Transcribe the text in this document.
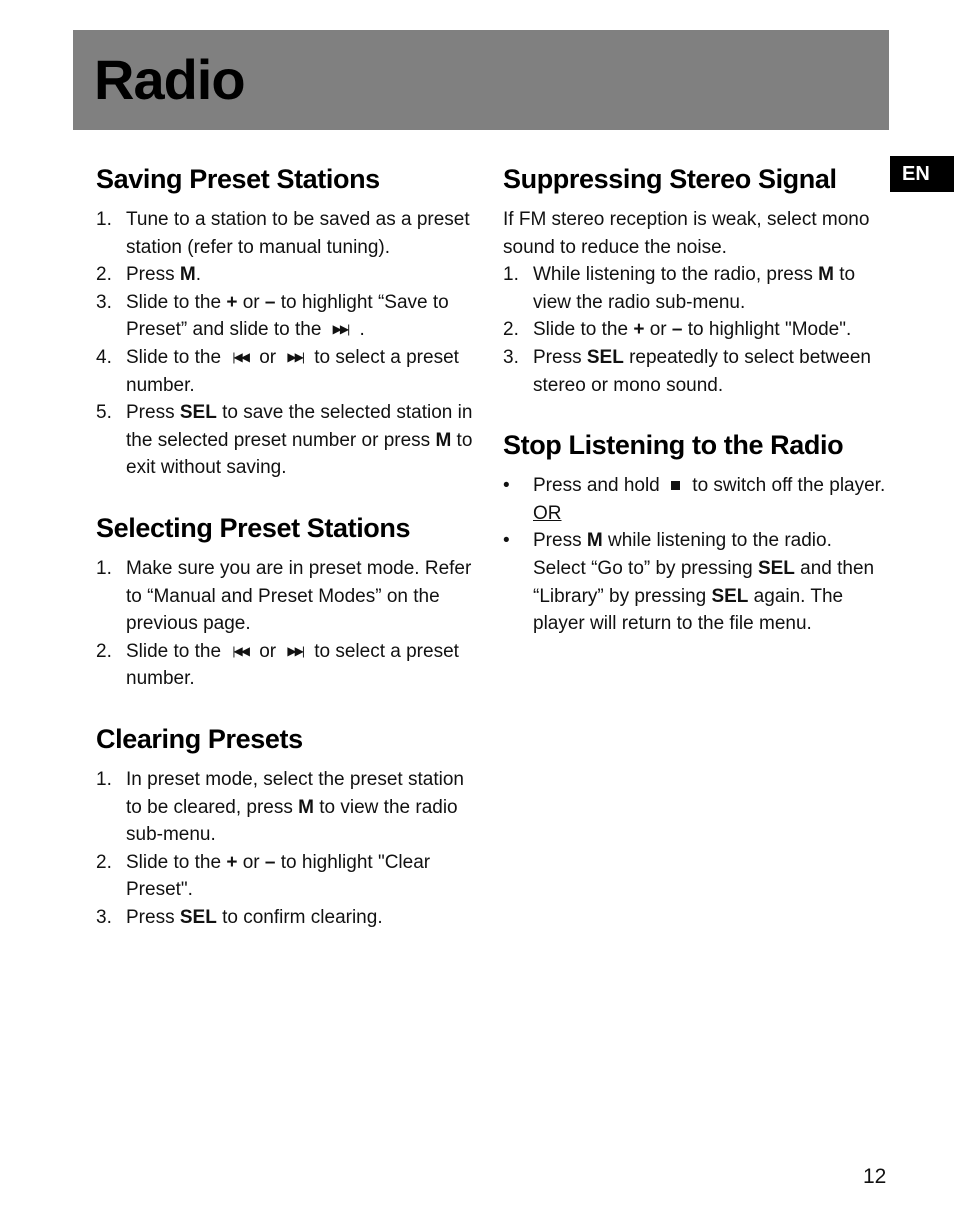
Radio
EN
Saving Preset Stations
1. Tune to a station to be saved as a preset station (refer to manual tuning).
2. Press M.
3. Slide to the + or – to highlight “Save to Preset” and slide to the ▶▶| .
4. Slide to the |◀◀ or ▶▶| to select a preset number.
5. Press SEL to save the selected station in the selected preset number or press M to exit without saving.
Selecting Preset Stations
1. Make sure you are in preset mode. Refer to “Manual and Preset Modes” on the previous page.
2. Slide to the |◀◀ or ▶▶| to select a preset number.
Clearing Presets
1. In preset mode, select the preset station to be cleared, press M to view the radio sub-menu.
2. Slide to the + or – to highlight "Clear Preset".
3. Press SEL to confirm clearing.
Suppressing Stereo Signal

If FM stereo reception is weak, select mono sound to reduce the noise.

1. While listening to the radio, press M to view the radio sub-menu.
2. Slide to the + or – to highlight "Mode".
3. Press SEL repeatedly to select between stereo or mono sound.
Stop Listening to the Radio
•	Press and hold  to switch off the player. OR
•	Press M while listening to the radio. Select “Go to” by pressing SEL and then “Library” by pressing SEL again. The player will return to the file menu.
12
